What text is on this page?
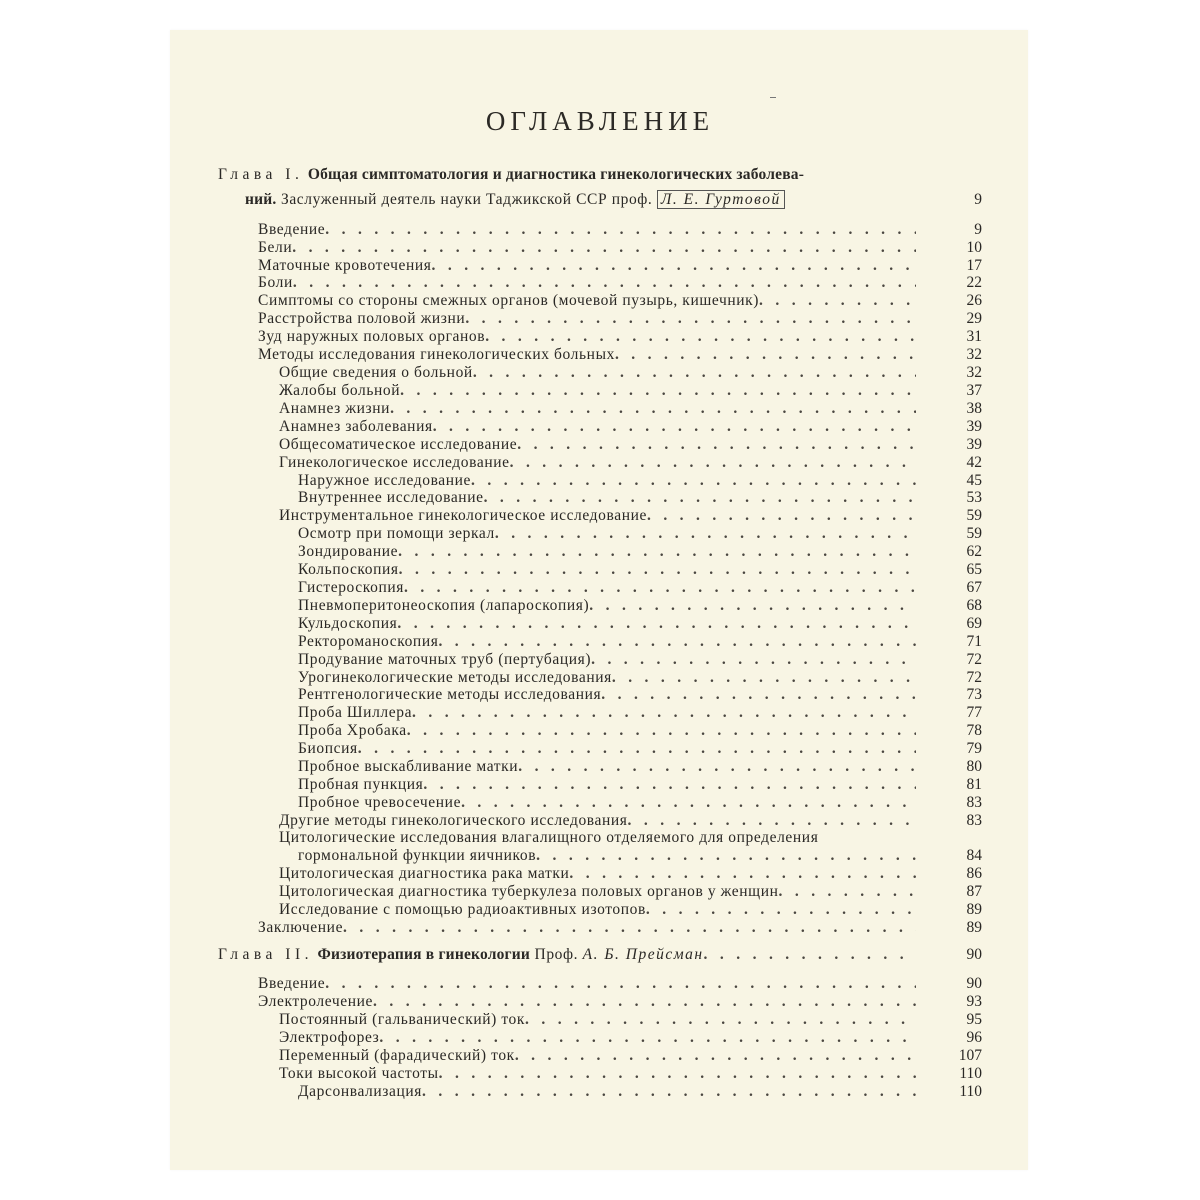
ОГЛАВЛЕНИЕ
Глава I. Общая симптоматология и диагностика гинекологических заболева-
ний. Заслуженный деятель науки Таджикской ССР проф. Л. Е. Гуртовой	9
9
Введение
. . .
10
Бели
. . .
17
Маточные кровотечения
. . .
22
Боли
. . .
26
Симптомы со стороны смежных органов (мочевой пузырь, кишечник)
. . .
29
Расстройства половой жизни
. . .
31
Зуд наружных половых органов
. . .
32
Методы исследования гинекологических больных
. . .
32
Общие сведения о больной
. . .
37
Жалобы больной
. . .
38
Анамнез жизни
. . .
39
Анамнез заболевания
. . .
39
Общесоматическое исследование
. . .
42
Гинекологическое исследование
. . .
45
Наружное исследование
. . .
53
Внутреннее исследование
. . .
59
Инструментальное гинекологическое исследование
. . .
59
Осмотр при помощи зеркал
. . .
62
Зондирование
. . .
65
Кольпоскопия
. . .
67
Гистероскопия
. . .
68
Пневмоперитонеоскопия (лапароскопия)
. . .
69
Кульдоскопия
. . .
71
Ректороманоскопия
. . .
72
Продувание маточных труб (пертубация)
. . .
72
Урогинекологические методы исследования
. . .
73
Рентгенологические методы исследования
. . .
77
Проба Шиллера
. . .
78
Проба Хробака
. . .
79
Биопсия
. . .
80
Пробное выскабливание матки
. . .
81
Пробная пункция
. . .
83
Пробное чревосечение
. . .
83
Другие методы гинекологического исследования
. . .
Цитологические исследования влагалищного отделяемого для определения
84
гормональной функции яичников
. . .
86
Цитологическая диагностика рака матки
. . .
87
Цитологическая диагностика туберкулеза половых органов у женщин
. . .
89
Исследование с помощью радиоактивных изотопов
. . .
89
Заключение
. . .
Глава II. Физиотерапия в гинекологии Проф. А. Б. Прейсман
. . .	90
90
Введение
. . .
93
Электролечение
. . .
95
Постоянный (гальванический) ток
. . .
96
Электрофорез
. . .
107
Переменный (фарадический) ток
. . .
110
Токи высокой частоты
. . .
110
Дарсонвализация
. . .
